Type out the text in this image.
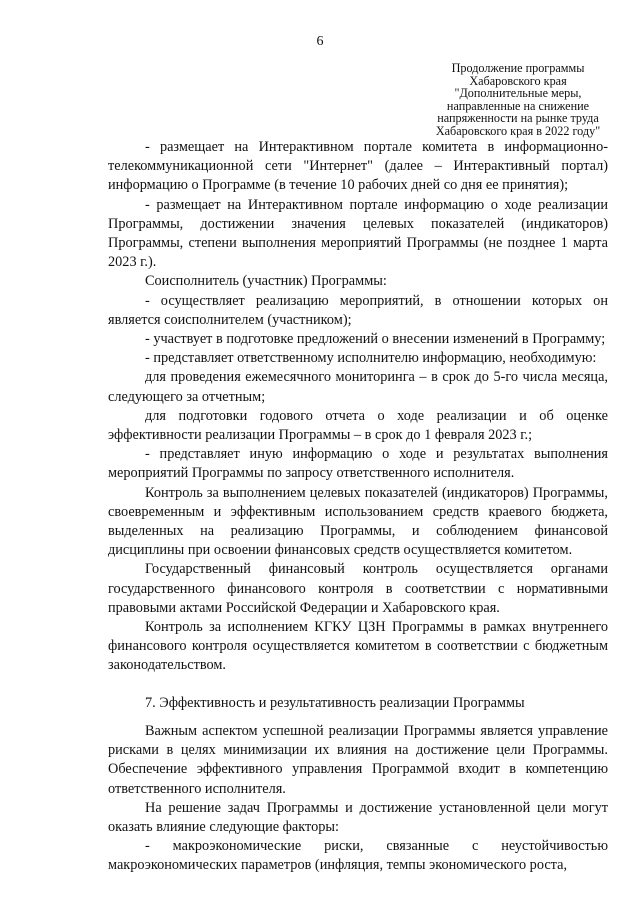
6
Продолжение программы
Хабаровского края
"Дополнительные меры,
направленные на снижение
напряженности на рынке труда
Хабаровского края в 2022 году"

- размещает на Интерактивном портале комитета в информационно-телекоммуникационной сети "Интернет" (далее – Интерактивный портал) информацию о Программе (в течение 10 рабочих дней со дня ее принятия);

- размещает на Интерактивном портале информацию о ходе реализации Программы, достижении значения целевых показателей (индикаторов) Программы, степени выполнения мероприятий Программы (не позднее 1 марта 2023 г.).

Соисполнитель (участник) Программы:

- осуществляет реализацию мероприятий, в отношении которых он является соисполнителем (участником);

- участвует в подготовке предложений о внесении изменений в Программу;

- представляет ответственному исполнителю информацию, необходимую:

для проведения ежемесячного мониторинга – в срок до 5-го числа месяца, следующего за отчетным;

для подготовки годового отчета о ходе реализации и об оценке эффективности реализации Программы – в срок до 1 февраля 2023 г.;

- представляет иную информацию о ходе и результатах выполнения мероприятий Программы по запросу ответственного исполнителя.

Контроль за выполнением целевых показателей (индикаторов) Программы, своевременным и эффективным использованием средств краевого бюджета, выделенных на реализацию Программы, и соблюдением финансовой дисциплины при освоении финансовых средств осуществляется комитетом.

Государственный финансовый контроль осуществляется органами государственного финансового контроля в соответствии с нормативными правовыми актами Российской Федерации и Хабаровского края.

Контроль за исполнением КГКУ ЦЗН Программы в рамках внутреннего финансового контроля осуществляется комитетом в соответствии с бюджетным законодательством.

7. Эффективность и результативность реализации Программы

Важным аспектом успешной реализации Программы является управление рисками в целях минимизации их влияния на достижение цели Программы. Обеспечение эффективного управления Программой входит в компетенцию ответственного исполнителя.

На решение задач Программы и достижение установленной цели могут оказать влияние следующие факторы:

- макроэкономические риски, связанные с неустойчивостью макроэкономических параметров (инфляция, темпы экономического роста,
